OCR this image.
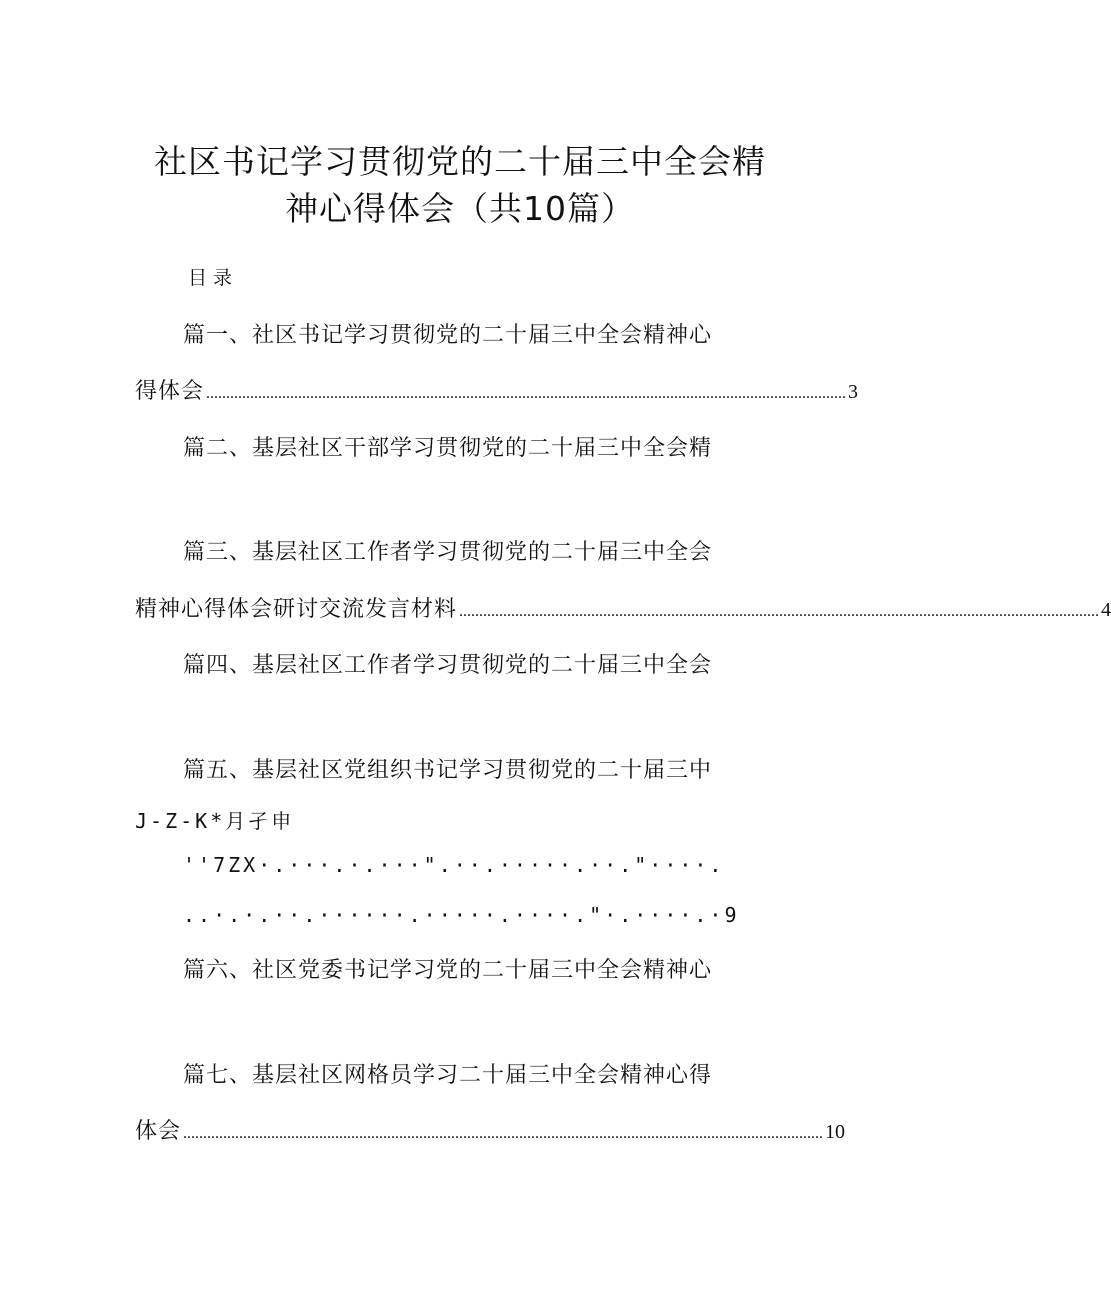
社区书记学习贯彻党的二十届三中全会精
神心得体会（共10篇）
目录
篇一、社区书记学习贯彻党的二十届三中全会精神心
得体会 ................................................................................................................................................................ 3
篇二、基层社区干部学习贯彻党的二十届三中全会精
篇三、基层社区工作者学习贯彻党的二十届三中全会
精神心得体会研讨交流发言材料 ................................................................................................................................................................ 4
篇四、基层社区工作者学习贯彻党的二十届三中全会
篇五、基层社区党组织书记学习贯彻党的二十届三中
J-Z-K*月孑申
''7ZX·.···.·.···".··.·····.··."····.
..·.·.··.······.·····.····."·.····.·9
篇六、社区党委书记学习党的二十届三中全会精神心
篇七、基层社区网格员学习二十届三中全会精神心得
体会 ................................................................................................................................................................ 10
